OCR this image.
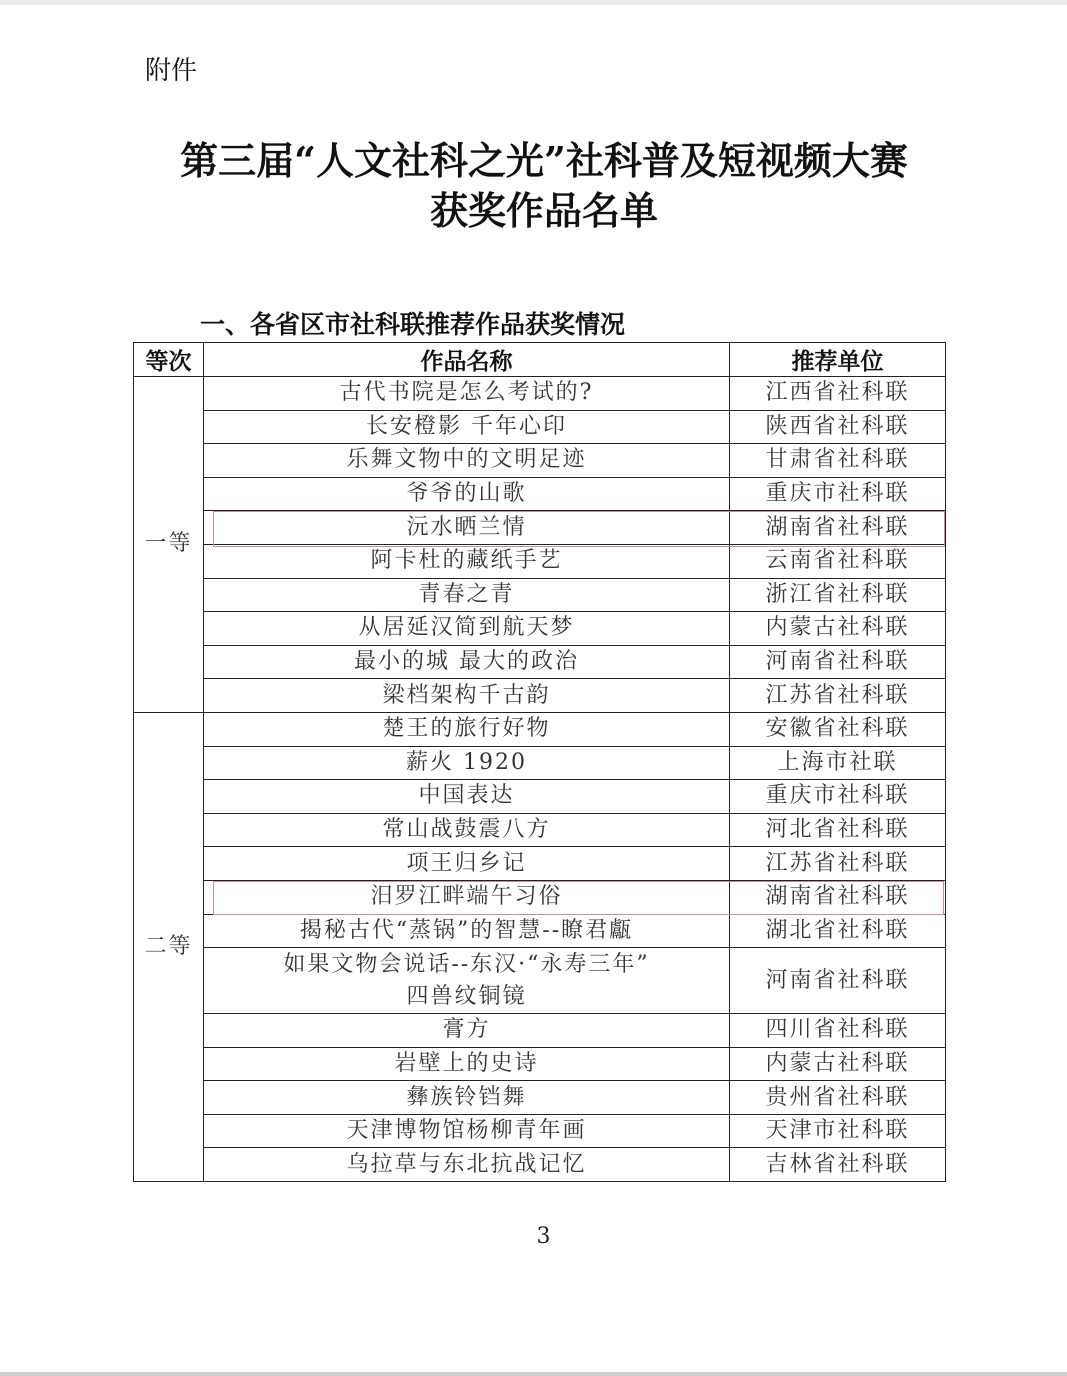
附件
第三届“人文社科之光”社科普及短视频大赛
获奖作品名单
一、各省区市社科联推荐作品获奖情况
等次	作品名称	推荐单位
一等	古代书院是怎么考试的?	江西省社科联
	长安橙影 千年心印	陕西省社科联
	乐舞文物中的文明足迹	甘肃省社科联
	爷爷的山歌	重庆市社科联
	沅水晒兰情	湖南省社科联
	阿卡杜的藏纸手艺	云南省社科联
	青春之青	浙江省社科联
	从居延汉简到航天梦	内蒙古社科联
	最小的城 最大的政治	河南省社科联
	梁档架构千古韵	江苏省社科联
二等	楚王的旅行好物	安徽省社科联
	薪火 1920	上海市社联
	中国表达	重庆市社科联
	常山战鼓震八方	河北省社科联
	项王归乡记	江苏省社科联
	汨罗江畔端午习俗	湖南省社科联
	揭秘古代“蒸锅”的智慧--瞭君甗	湖北省社科联

	如果文物会说话--东汉·“永寿三年”
四兽纹铜镜	河南省社科联
	膏方	四川省社科联
	岩壁上的史诗	内蒙古社科联
	彝族铃铛舞	贵州省社科联
	天津博物馆杨柳青年画	天津市社科联
	乌拉草与东北抗战记忆	吉林省社科联
3
